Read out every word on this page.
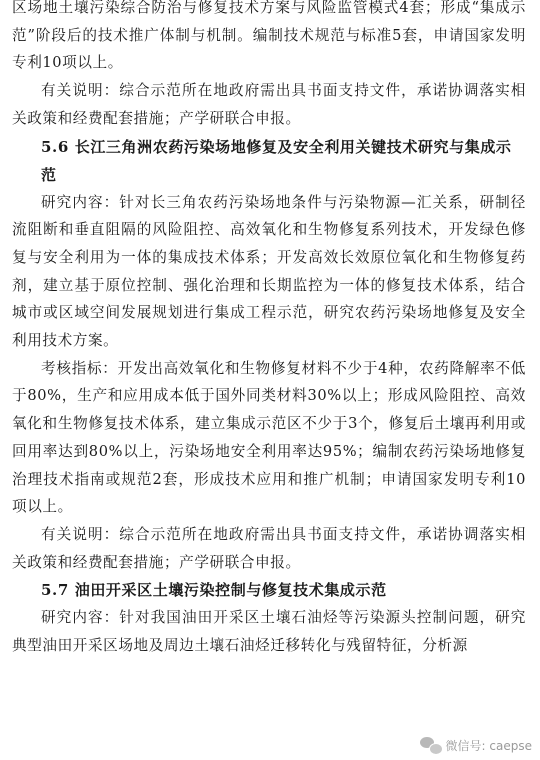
区场地土壤污染综合防治与修复技术方案与风险监管模式4套；形成“集成示范”阶段后的技术推广体制与机制。编制技术规范与标准5套，申请国家发明专利10项以上。

有关说明：综合示范所在地政府需出具书面支持文件，承诺协调落实相关政策和经费配套措施；产学研联合申报。

5.6 长江三角洲农药污染场地修复及安全利用关键技术研究与集成示范

研究内容：针对长三角农药污染场地条件与污染物源—汇关系，研制径流阻断和垂直阻隔的风险阻控、高效氧化和生物修复系列技术，开发绿色修复与安全利用为一体的集成技术体系；开发高效长效原位氧化和生物修复药剂，建立基于原位控制、强化治理和长期监控为一体的修复技术体系，结合城市或区域空间发展规划进行集成工程示范，研究农药污染场地修复及安全利用技术方案。

考核指标：开发出高效氧化和生物修复材料不少于4种，农药降解率不低于80%，生产和应用成本低于国外同类材料30%以上；形成风险阻控、高效氧化和生物修复技术体系，建立集成示范区不少于3个，修复后土壤再利用或回用率达到80%以上，污染场地安全利用率达95%；编制农药污染场地修复治理技术指南或规范2套，形成技术应用和推广机制；申请国家发明专利10项以上。

有关说明：综合示范所在地政府需出具书面支持文件，承诺协调落实相关政策和经费配套措施；产学研联合申报。

5.7 油田开采区土壤污染控制与修复技术集成示范

研究内容：针对我国油田开采区土壤石油烃等污染源头控制问题，研究典型油田开采区场地及周边土壤石油烃迁移转化与残留特征，分析源

微信号: caepse
